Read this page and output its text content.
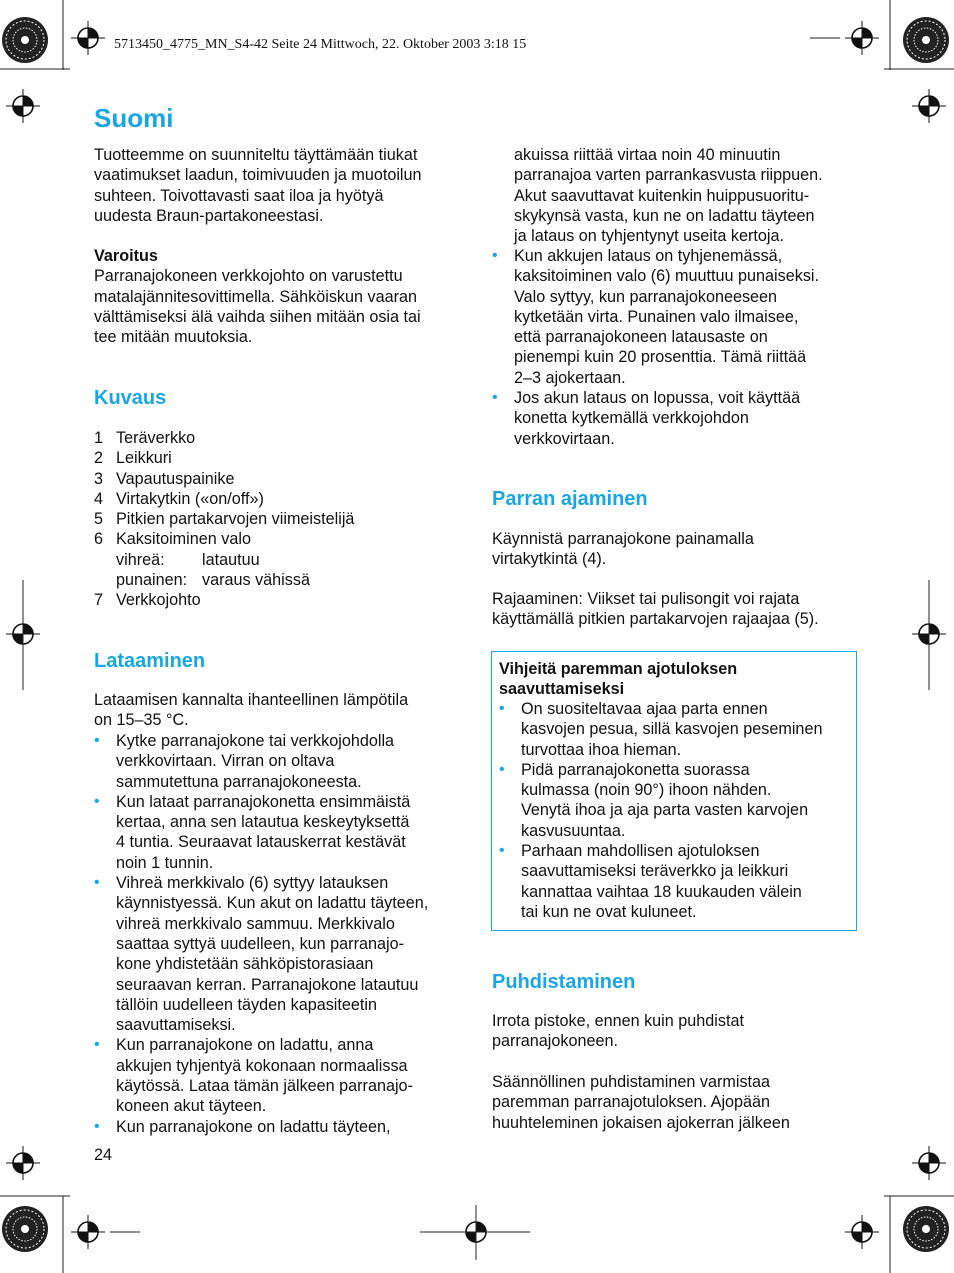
5713450_4775_MN_S4-42 Seite 24 Mittwoch, 22. Oktober 2003 3:18 15
Suomi

Tuotteemme on suunniteltu täyttämään tiukat
vaatimukset laadun, toimivuuden ja muotoilun
suhteen. Toivottavasti saat iloa ja hyötyä
uudesta Braun-partakoneestasi.

Varoitus
Parranajokoneen verkkojohto on varustettu
matalajännitesovittimella. Sähköiskun vaaran
välttämiseksi älä vaihda siihen mitään osia tai
tee mitään muutoksia.

Kuvaus
1 Teräverkko
2 Leikkuri
3 Vapautuspainike
4 Virtakytkin («on/off»)
5 Pitkien partakarvojen viimeistelijä
6 Kaksitoiminen valo
vihreä:	latautuu
punainen: varaus vähissä
7 Verkkojohto
Lataaminen

Lataamisen kannalta ihanteellinen lämpötila
on 15–35 °C.

• Kytke parranajokone tai verkkojohdolla
verkkovirtaan. Virran on oltava
sammutettuna parranajokoneesta.
• Kun lataat parranajokonetta ensimmäistä
kertaa, anna sen latautua keskeytyksettä
4 tuntia. Seuraavat latauskerrat kestävät
noin 1 tunnin.
• Vihreä merkkivalo (6) syttyy latauksen
käynnistyessä. Kun akut on ladattu täyteen,
vihreä merkkivalo sammuu. Merkkivalo
saattaa syttyä uudelleen, kun parranajo-
kone yhdistetään sähköpistorasiaan
seuraavan kerran. Parranajokone latautuu
tällöin uudelleen täyden kapasiteetin
saavuttamiseksi.
• Kun parranajokone on ladattu, anna
akkujen tyhjentyä kokonaan normaalissa
käytössä. Lataa tämän jälkeen parranajo-
koneen akut täyteen.
• Kun parranajokone on ladattu täyteen,
24

akuissa riittää virtaa noin 40 minuutin
parranajoa varten parrankasvusta riippuen.
Akut saavuttavat kuitenkin huippusuoritu-
skykynsä vasta, kun ne on ladattu täyteen
ja lataus on tyhjentynyt useita kertoja.

• Kun akkujen lataus on tyhjenemässä,
kaksitoiminen valo (6) muuttuu punaiseksi.
Valo syttyy, kun parranajokoneeseen
kytketään virta. Punainen valo ilmaisee,
että parranajokoneen latausaste on
pienempi kuin 20 prosenttia. Tämä riittää
2–3 ajokertaan.
• Jos akun lataus on lopussa, voit käyttää
konetta kytkemällä verkkojohdon
verkkovirtaan.
Parran ajaminen

Käynnistä parranajokone painamalla
virtakytkintä (4).

Rajaaminen: Viikset tai pulisongit voi rajata
käyttämällä pitkien partakarvojen rajaajaa (5).

Vihjeitä paremman ajotuloksen
saavuttamiseksi

• On suositeltavaa ajaa parta ennen
kasvojen pesua, sillä kasvojen peseminen
turvottaa ihoa hieman.
• Pidä parranajokonetta suorassa
kulmassa (noin 90°) ihoon nähden.
Venytä ihoa ja aja parta vasten karvojen
kasvusuuntaa.
• Parhaan mahdollisen ajotuloksen
saavuttamiseksi teräverkko ja leikkuri
kannattaa vaihtaa 18 kuukauden välein
tai kun ne ovat kuluneet.
Puhdistaminen

Irrota pistoke, ennen kuin puhdistat
parranajokoneen.

Säännöllinen puhdistaminen varmistaa
paremman parranajotuloksen. Ajopään
huuhteleminen jokaisen ajokerran jälkeen
